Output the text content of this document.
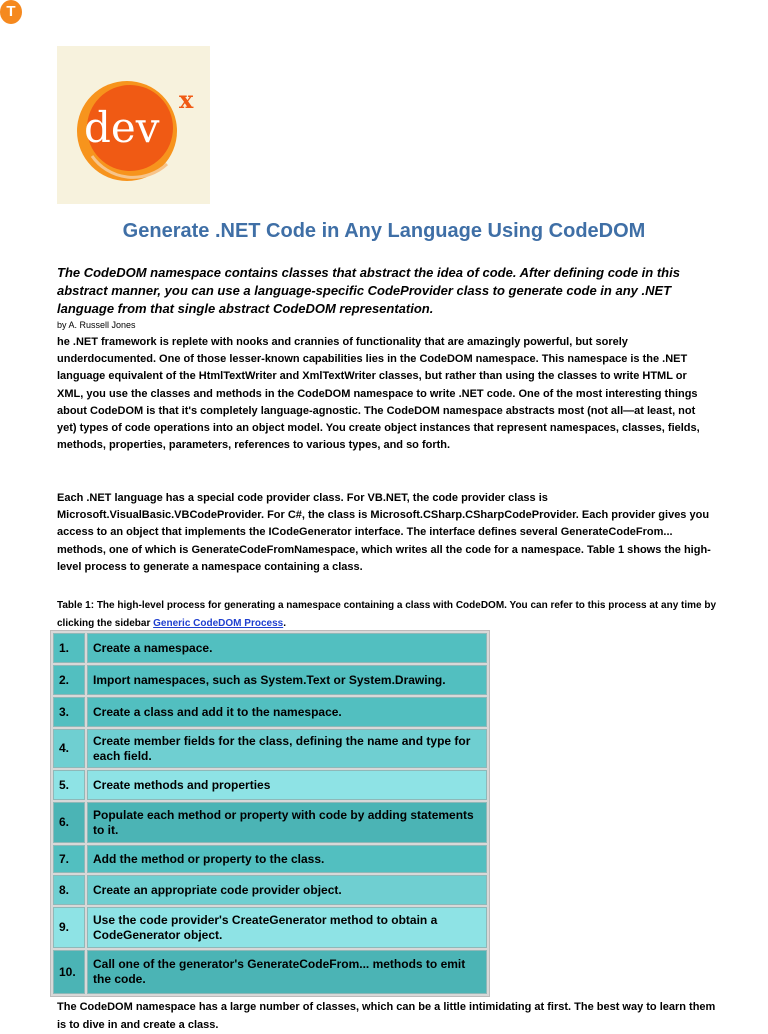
T
dev
x
Generate .NET Code in Any Language Using CodeDOM

The CodeDOM namespace contains classes that abstract the idea of code. After defining code in this abstract manner, you can use a language-specific CodeProvider class to generate code in any .NET language from that single abstract CodeDOM representation.

by A. Russell Jones

he .NET framework is replete with nooks and crannies of functionality that are amazingly powerful, but sorely underdocumented. One of those lesser-known capabilities lies in the CodeDOM namespace. This namespace is the .NET language equivalent of the HtmlTextWriter and XmlTextWriter classes, but rather than using the classes to write HTML or XML, you use the classes and methods in the CodeDOM namespace to write .NET code. One of the most interesting things about CodeDOM is that it's completely language-agnostic. The CodeDOM namespace abstracts most (not all—at least, not yet) types of code operations into an object model. You create object instances that represent namespaces, classes, fields, methods, properties, parameters, references to various types, and so forth.

Each .NET language has a special code provider class. For VB.NET, the code provider class is Microsoft.VisualBasic.VBCodeProvider. For C#, the class is Microsoft.CSharp.CSharpCodeProvider. Each provider gives you access to an object that implements the ICodeGenerator interface. The interface defines several GenerateCodeFrom... methods, one of which is GenerateCodeFromNamespace, which writes all the code for a namespace. Table 1 shows the high-level process to generate a namespace containing a class.

Table 1: The high-level process for generating a namespace containing a class with CodeDOM. You can refer to this process at any time by clicking the sidebar Generic CodeDOM Process.

1.	Create a namespace.
2.	Import namespaces, such as System.Text or System.Drawing.
3.	Create a class and add it to the namespace.
4.	Create member fields for the class, defining the name and type for each field.
5.	Create methods and properties
6.	Populate each method or property with code by adding statements to it.
7.	Add the method or property to the class.
8.	Create an appropriate code provider object.
9.	Use the code provider's CreateGenerator method to obtain a CodeGenerator object.
10.	Call one of the generator's GenerateCodeFrom... methods to emit the code.

The CodeDOM namespace has a large number of classes, which can be a little intimidating at first. The best way to learn them is to dive in and create a class.
